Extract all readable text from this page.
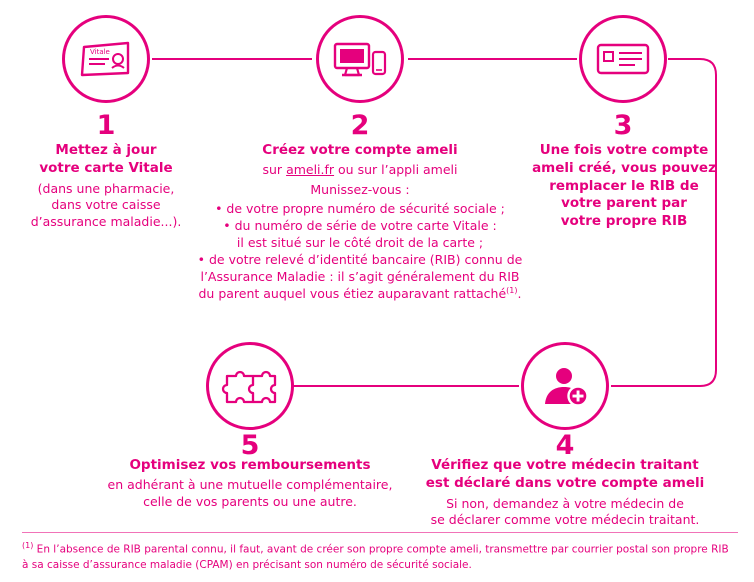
Vitale
1
Mettez à jour
votre carte Vitale
(dans une pharmacie,
dans votre caisse
d’assurance maladie...).
2
Créez votre compte ameli
sur ameli.fr ou sur l’appli ameli
Munissez-vous :
• de votre propre numéro de sécurité sociale ;
• du numéro de série de votre carte Vitale :
il est situé sur le côté droit de la carte ;
• de votre relevé d’identité bancaire (RIB) connu de
l’Assurance Maladie : il s’agit généralement du RIB
du parent auquel vous étiez auparavant rattaché$^{(1)}$.
3
Une fois votre compte
ameli créé, vous pouvez
remplacer le RIB de
votre parent par
votre propre RIB
5
Optimisez vos remboursements
en adhérant à une mutuelle complémentaire,
celle de vos parents ou une autre.
4
Vérifiez que votre médecin traitant
est déclaré dans votre compte ameli
Si non, demandez à votre médecin de
se déclarer comme votre médecin traitant.
$^{(1)}$ En l’absence de RIB parental connu, il faut, avant de créer son propre compte ameli, transmettre par courrier postal son propre RIB
à sa caisse d’assurance maladie (CPAM) en précisant son numéro de sécurité sociale.
